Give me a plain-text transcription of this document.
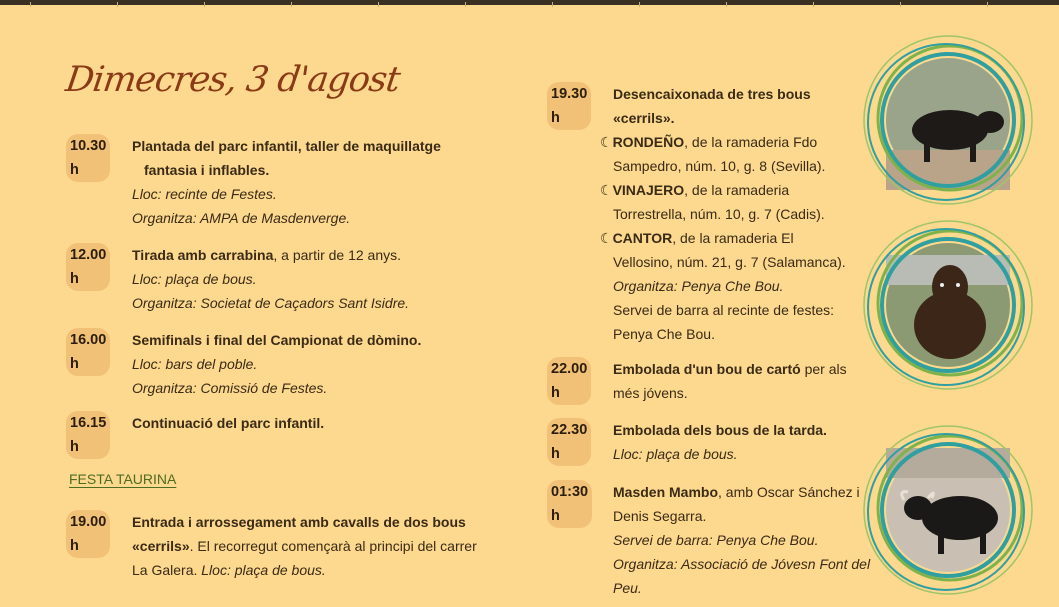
Dimecres, 3 d'agost
10.30 h
Plantada del parc infantil, taller de maquillatge
fantasia i inflables.
Lloc: recinte de Festes.
Organitza: AMPA de Masdenverge.
12.00 h
Tirada amb carrabina, a partir de 12 anys.
Lloc: plaça de bous.
Organitza: Societat de Caçadors Sant Isidre.
16.00 h
Semifinals i final del Campionat de dòmino.
Lloc: bars del poble.
Organitza: Comissió de Festes.
16.15 h
Continuació del parc infantil.
FESTA TAURINA
19.00 h
Entrada i arrossegament amb cavalls de dos bous
«cerrils». El recorregut començarà al principi del carrer
La Galera. Lloc: plaça de bous.
19.30 h
Desencaixonada de tres bous
«cerrils».
☾RONDEÑO, de la ramaderia Fdo
Sampedro, núm. 10, g. 8 (Sevilla).
☾VINAJERO, de la ramaderia
Torrestrella, núm. 10, g. 7 (Cadis).
☾CANTOR, de la ramaderia El
Vellosino, núm. 21, g. 7 (Salamanca).
Organitza: Penya Che Bou.
Servei de barra al recinte de festes:
Penya Che Bou.
22.00 h
Embolada d'un bou de cartó per als
més jóvens.
22.30 h
Embolada dels bous de la tarda.
Lloc: plaça de bous.
01:30 h
Masden Mambo, amb Oscar Sánchez i
Denis Segarra.
Servei de barra: Penya Che Bou.
Organitza: Associació de Jóvesn Font del
Peu.
